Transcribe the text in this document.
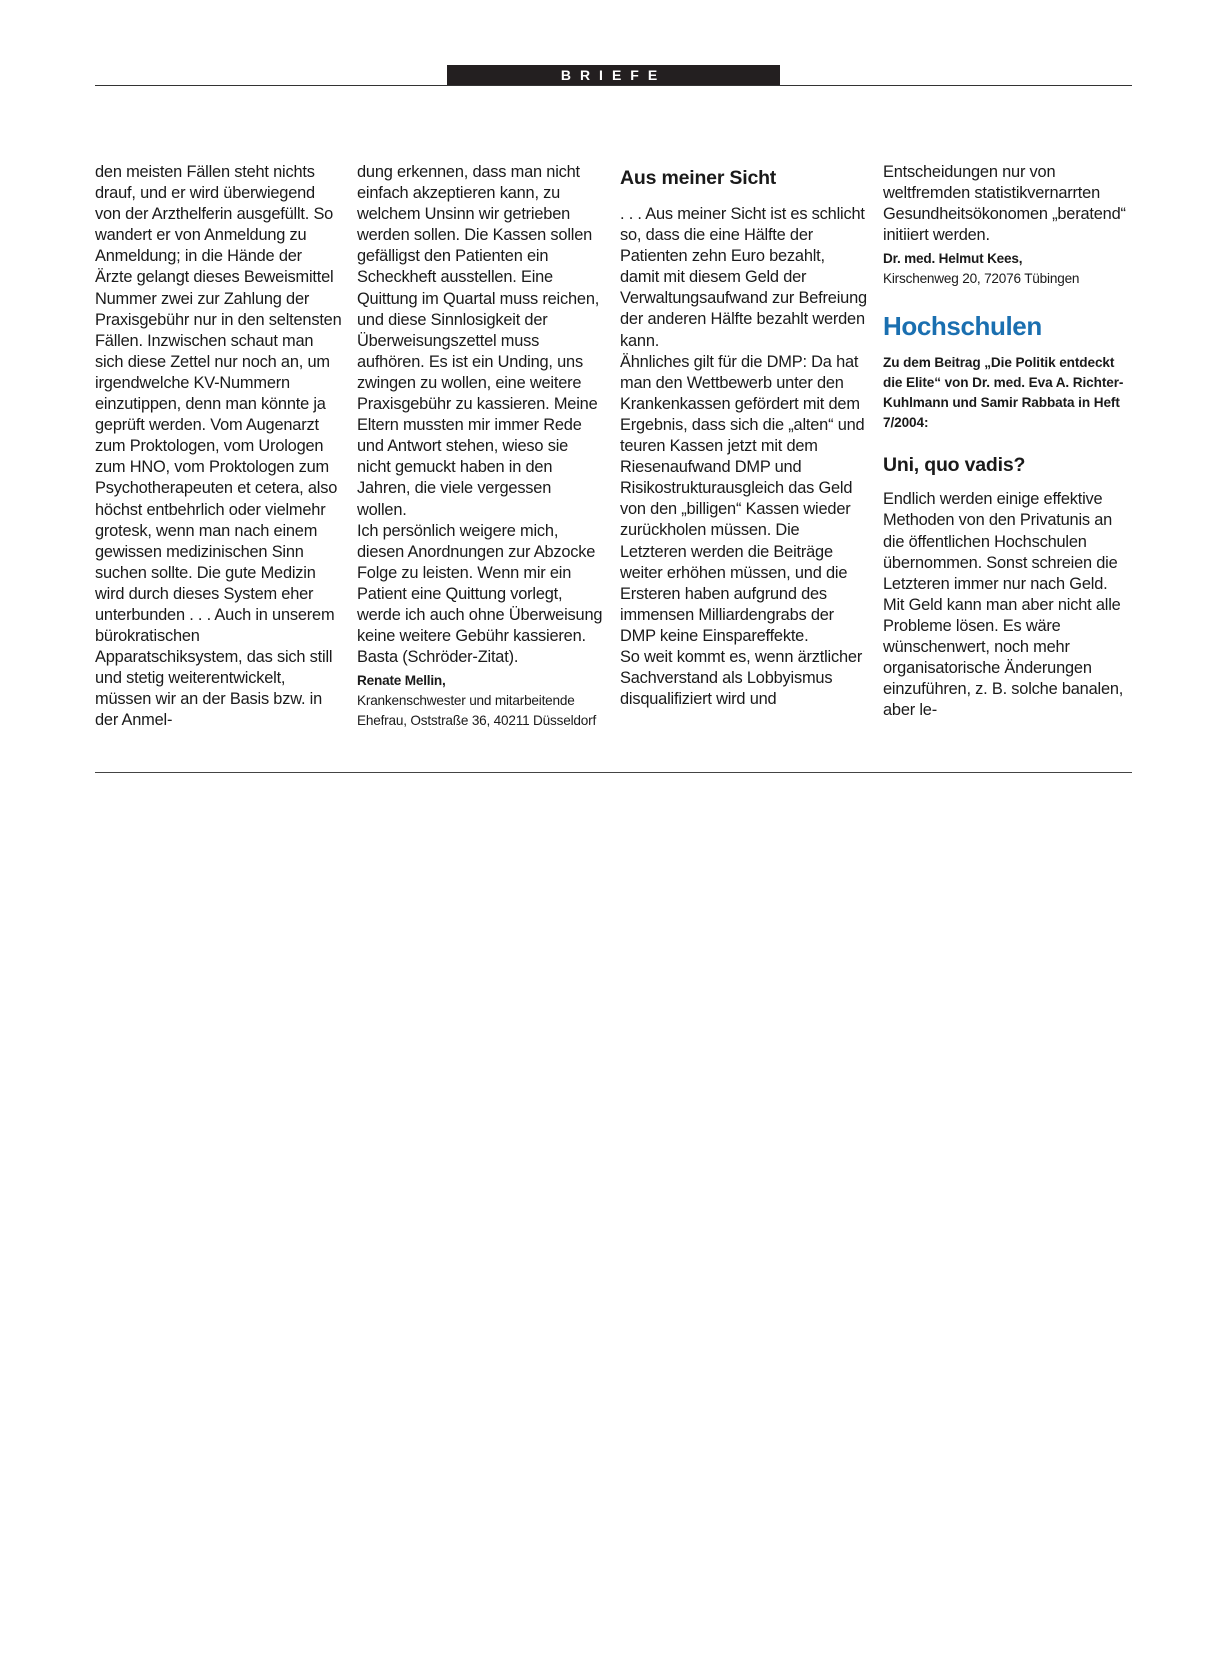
BRIEFE

den meisten Fällen steht nichts drauf, und er wird überwiegend von der Arzthelferin ausgefüllt. So wandert er von Anmeldung zu Anmeldung; in die Hände der Ärzte gelangt dieses Beweismittel Nummer zwei zur Zahlung der Praxisgebühr nur in den seltensten Fällen. Inzwischen schaut man sich diese Zettel nur noch an, um irgendwelche KV-Nummern einzutippen, denn man könnte ja geprüft werden. Vom Augenarzt zum Proktologen, vom Urologen zum HNO, vom Proktologen zum Psychotherapeuten et cetera, also höchst entbehrlich oder vielmehr grotesk, wenn man nach einem gewissen medizinischen Sinn suchen sollte. Die gute Medizin wird durch dieses System eher unterbunden . . . Auch in unserem bürokratischen Apparatschiksystem, das sich still und stetig weiterentwickelt, müssen wir an der Basis bzw. in der Anmel-

dung erkennen, dass man nicht einfach akzeptieren kann, zu welchem Unsinn wir getrieben werden sollen. Die Kassen sollen gefälligst den Patienten ein Scheckheft ausstellen. Eine Quittung im Quartal muss reichen, und diese Sinnlosigkeit der Überweisungszettel muss aufhören. Es ist ein Unding, uns zwingen zu wollen, eine weitere Praxisgebühr zu kassieren. Meine Eltern mussten mir immer Rede und Antwort stehen, wieso sie nicht gemuckt haben in den Jahren, die viele vergessen wollen.

Ich persönlich weigere mich, diesen Anordnungen zur Abzocke Folge zu leisten. Wenn mir ein Patient eine Quittung vorlegt, werde ich auch ohne Überweisung keine weitere Gebühr kassieren. Basta (Schröder-Zitat).

Renate Mellin,
Krankenschwester und mitarbeitende Ehefrau, Oststraße 36, 40211 Düsseldorf
Aus meiner Sicht

. . . Aus meiner Sicht ist es schlicht so, dass die eine Hälfte der Patienten zehn Euro bezahlt, damit mit diesem Geld der Verwaltungsaufwand zur Befreiung der anderen Hälfte bezahlt werden kann.

Ähnliches gilt für die DMP: Da hat man den Wettbewerb unter den Krankenkassen gefördert mit dem Ergebnis, dass sich die „alten“ und teuren Kassen jetzt mit dem Riesenaufwand DMP und Risikostrukturausgleich das Geld von den „billigen“ Kassen wieder zurückholen müssen. Die Letzteren werden die Beiträge weiter erhöhen müssen, und die Ersteren haben aufgrund des immensen Milliardengrabs der DMP keine Einspareffekte.

So weit kommt es, wenn ärztlicher Sachverstand als Lobbyismus disqualifiziert wird und

Entscheidungen nur von weltfremden statistikvernarrten Gesundheitsökonomen „beratend“ initiiert werden.

Dr. med. Helmut Kees,
Kirschenweg 20, 72076 Tübingen
Hochschulen
Zu dem Beitrag „Die Politik entdeckt die Elite“ von Dr. med. Eva A. Richter-Kuhlmann und Samir Rabbata in Heft 7/2004:
Uni, quo vadis?

Endlich werden einige effektive Methoden von den Privatunis an die öffentlichen Hochschulen übernommen. Sonst schreien die Letzteren immer nur nach Geld. Mit Geld kann man aber nicht alle Probleme lösen. Es wäre wünschenwert, noch mehr organisatorische Änderungen einzuführen, z. B. solche banalen, aber le-
